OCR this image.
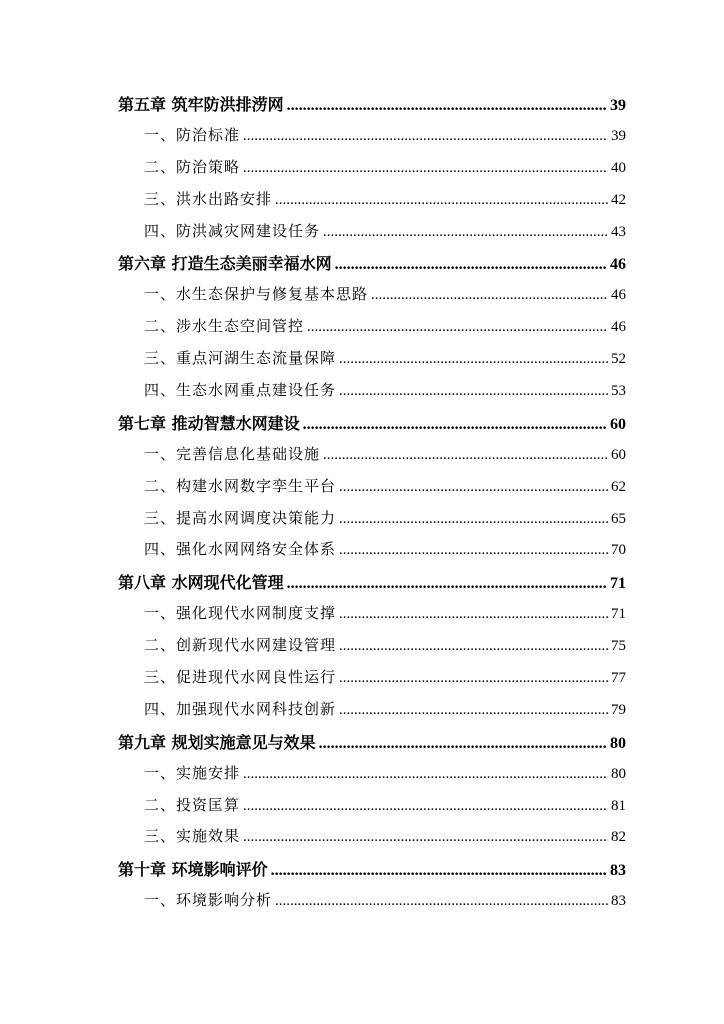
第五章 筑牢防洪排涝网 .....	39
一、防治标准 .....	39
二、防治策略 .....	40
三、洪水出路安排 .....	42
四、防洪减灾网建设任务 .....	43
第六章 打造生态美丽幸福水网 .....	46
一、水生态保护与修复基本思路 .....	46
二、涉水生态空间管控 .....	46
三、重点河湖生态流量保障 .....	52
四、生态水网重点建设任务 .....	53
第七章 推动智慧水网建设 .....	60
一、完善信息化基础设施 .....	60
二、构建水网数字孪生平台 .....	62
三、提高水网调度决策能力 .....	65
四、强化水网网络安全体系 .....	70
第八章 水网现代化管理 .....	71
一、强化现代水网制度支撑 .....	71
二、创新现代水网建设管理 .....	75
三、促进现代水网良性运行 .....	77
四、加强现代水网科技创新 .....	79
第九章 规划实施意见与效果 .....	80
一、实施安排 .....	80
二、投资匡算 .....	81
三、实施效果 .....	82
第十章 环境影响评价 .....	83
一、环境影响分析 .....	83
